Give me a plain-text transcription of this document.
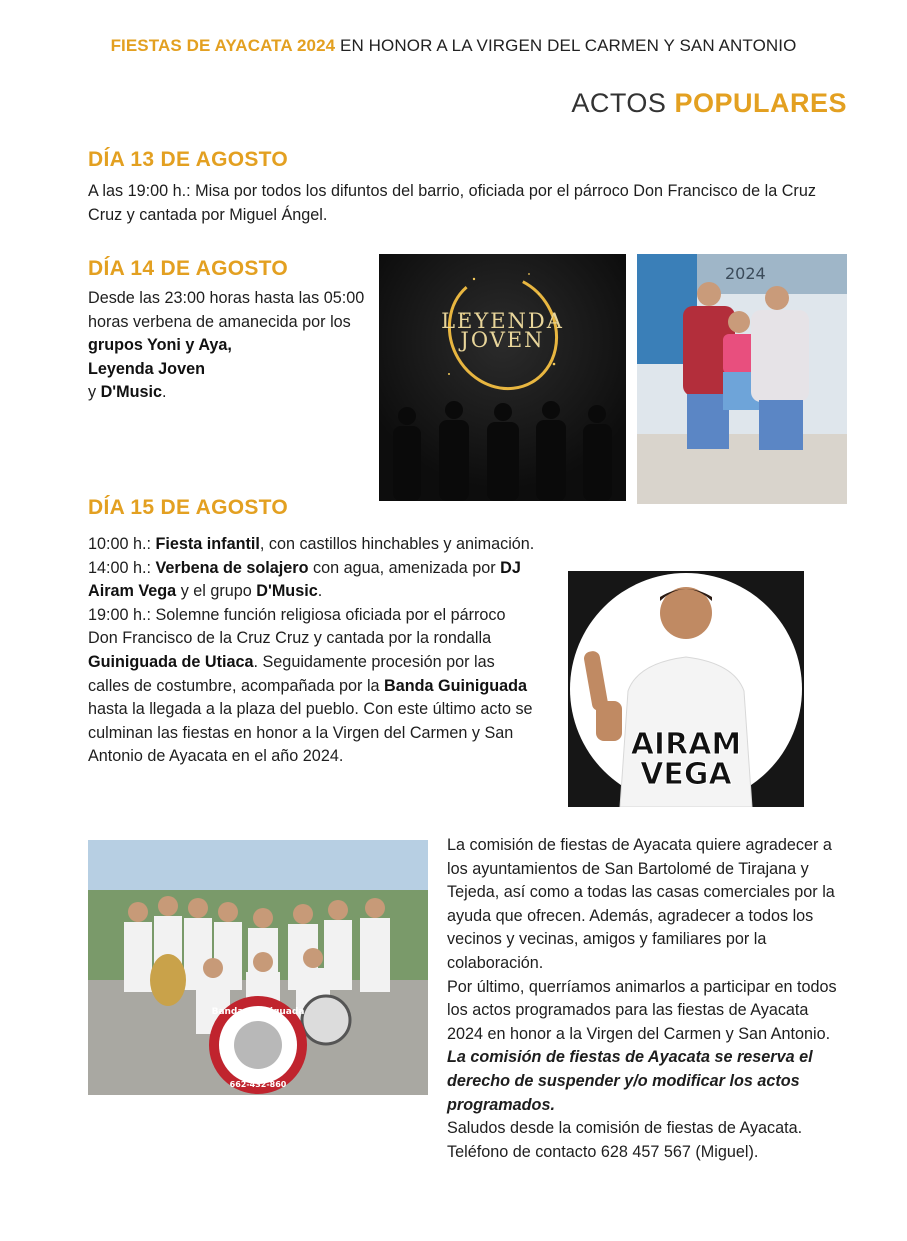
FIESTAS DE AYACATA 2024 EN HONOR A LA VIRGEN DEL CARMEN Y SAN ANTONIO
ACTOS POPULARES
DÍA 13 DE AGOSTO
A las 19:00 h.: Misa por todos los difuntos del barrio, oficiada por el párroco Don Francisco de la Cruz Cruz y cantada por Miguel Ángel.
DÍA 14 DE AGOSTO
Desde las 23:00 horas hasta las 05:00 horas verbena de amanecida por los grupos Yoni y Aya,
Leyenda Joven
y D'Music.
LEYENDA
JOVEN
2024
DÍA 15 DE AGOSTO
10:00 h.: Fiesta infantil, con castillos hinchables y animación.
14:00 h.: Verbena de solajero con agua, amenizada por DJ Airam Vega y el grupo D'Music.
19:00 h.: Solemne función religiosa oficiada por el párroco Don Francisco de la Cruz Cruz y cantada por la rondalla Guiniguada de Utiaca. Seguidamente procesión por las calles de costumbre, acompañada por la Banda Guiniguada hasta la llegada a la plaza del pueblo. Con este último acto se culminan las fiestas en honor a la Virgen del Carmen y San Antonio de Ayacata en el año 2024.	AIRAM
VEGA
Banda Guiniguada
662-432-860
La comisión de fiestas de Ayacata quiere agradecer a los ayuntamientos de San Bartolomé de Tirajana y Tejeda, así como a todas las casas comerciales por la ayuda que ofrecen. Además, agradecer a todos los vecinos y vecinas, amigos y familiares por la colaboración.
Por último, querríamos animarlos a participar en todos los actos programados para las fiestas de Ayacata 2024 en honor a la Virgen del Carmen y San Antonio.
La comisión de fiestas de Ayacata se reserva el derecho de suspender y/o modificar los actos programados.
Saludos desde la comisión de fiestas de Ayacata.
Teléfono de contacto 628 457 567 (Miguel).
